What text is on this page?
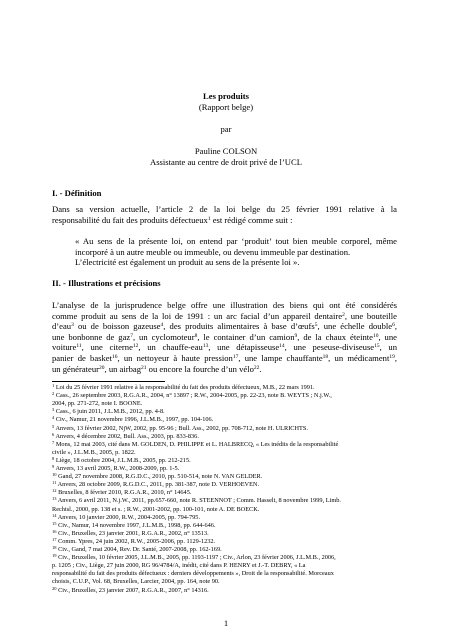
Les produits
(Rapport belge)
par
Pauline COLSON
Assistante au centre de droit privé de l’UCL
I. - Définition
Dans sa version actuelle, l’article 2 de la loi belge du 25 février 1991 relative à la
responsabilité du fait des produits défectueux$^1$ est rédigé comme suit :
« Au sens de la présente loi, on entend par ‘produit’ tout bien meuble corporel, même
incorporé à un autre meuble ou immeuble, ou devenu immeuble par destination.
L’électricité est également un produit au sens de la présente loi ».
II. - Illustrations et précisions
L’analyse de la jurisprudence belge offre une illustration des biens qui ont été considérés
comme produit au sens de la loi de 1991 : un arc facial d’un appareil dentaire$^2$, une bouteille
d’eau$^3$ ou de boisson gazeuse$^4$, des produits alimentaires à base d’œufs$^5$, une échelle double$^6$,
une bonbonne de gaz$^7$, un cyclomoteur$^8$, le container d’un camion$^9$, de la chaux éteinte$^{10}$, une
voiture$^{11}$, une citerne$^{12}$, un chauffe-eau$^{13}$, une détapisseuse$^{14}$, une peseuse-diviseuse$^{15}$, un
panier de basket$^{16}$, un nettoyeur à haute pression$^{17}$, une lampe chauffante$^{18}$, un médicament$^{19}$,
un générateur$^{20}$, un airbag$^{21}$ ou encore la fourche d’un vélo$^{22}$.
$^1$ Loi du 25 février 1991 relative à la responsabilité du fait des produits défectueux, M.B., 22 mars 1991.
$^2$ Cass., 26 septembre 2003, R.G.A.R., 2004, n° 13897 ; R.W., 2004-2005, pp. 22-23, note B. WEYTS ; N.j.W.,
2004, pp. 271-272, note I. BOONE.
$^3$ Cass., 6 juin 2011, J.L.M.B., 2012, pp. 4-8.
$^4$ Civ., Namur, 21 novembre 1996, J.L.M.B., 1997, pp. 104-106.
$^5$ Anvers, 13 février 2002, NjW, 2002, pp. 95-96 ; Bull. Ass., 2002, pp. 708-712, note H. ULRICHTS.
$^6$ Anvers, 4 décembre 2002, Bull. Ass., 2003, pp. 833-836.
$^7$ Mons, 12 mai 2003, cité dans M. GOLDEN, D. PHILIPPE et L. HALBRECQ, « Les inédits de la responsabilité
civile », J.L.M.B., 2005, p. 1822.
$^8$ Liège, 18 octobre 2004, J.L.M.B., 2005, pp. 212-215.
$^9$ Anvers, 13 avril 2005, R.W., 2008-2009, pp. 1-5.
$^{10}$ Gand, 27 novembre 2008, R.G.D.C., 2010, pp. 510-514, note N. VAN GELDER.
$^{11}$ Anvers, 28 octobre 2009, R.G.D.C., 2011, pp. 381-387, note D. VERHOEVEN.
$^{12}$ Bruxelles, 8 février 2010, R.G.A.R., 2010, n° 14645.
$^{13}$ Anvers, 6 avril 2011, N.j.W., 2011, pp.657-660, note R. STEENNOT ; Comm. Hasselt, 8 novembre 1999, Limb.
Rechtsl., 2000, pp. 138 et s. ; R.W., 2001-2002, pp. 100-101, note A. DE BOECK.
$^{14}$ Anvers, 10 janvier 2000, R.W., 2004-2005, pp. 794-795.
$^{15}$ Civ., Namur, 14 novembre 1997, J.L.M.B., 1998, pp. 644-646.
$^{16}$ Civ., Bruxelles, 23 janvier 2001, R.G.A.R., 2002, n° 13513.
$^{17}$ Comm. Ypres, 24 juin 2002, R.W., 2005-2006, pp. 1129-1232.
$^{18}$ Civ., Gand, 7 mai 2004, Rev. Dr. Santé, 2007-2008, pp. 162-169.
$^{19}$ Civ., Bruxelles, 10 février 2005, J.L.M.B., 2005, pp. 1193-1197 ; Civ., Arlon, 23 février 2006, J.L.M.B., 2006,
p. 1205 ; Civ., Liège, 27 juin 2000, RG 96/4784/A, inédit, cité dans P. HENRY et J.-T. DEBRY, « La
responsabilité du fait des produits défectueux : derniers développements », Droit de la responsabilité. Morceaux
choisis, C.U.P., Vol. 68, Bruxelles, Larcier, 2004, pp. 164, note 90.
$^{20}$ Civ., Bruxelles, 23 janvier 2007, R.G.A.R., 2007, n° 14316.
1
